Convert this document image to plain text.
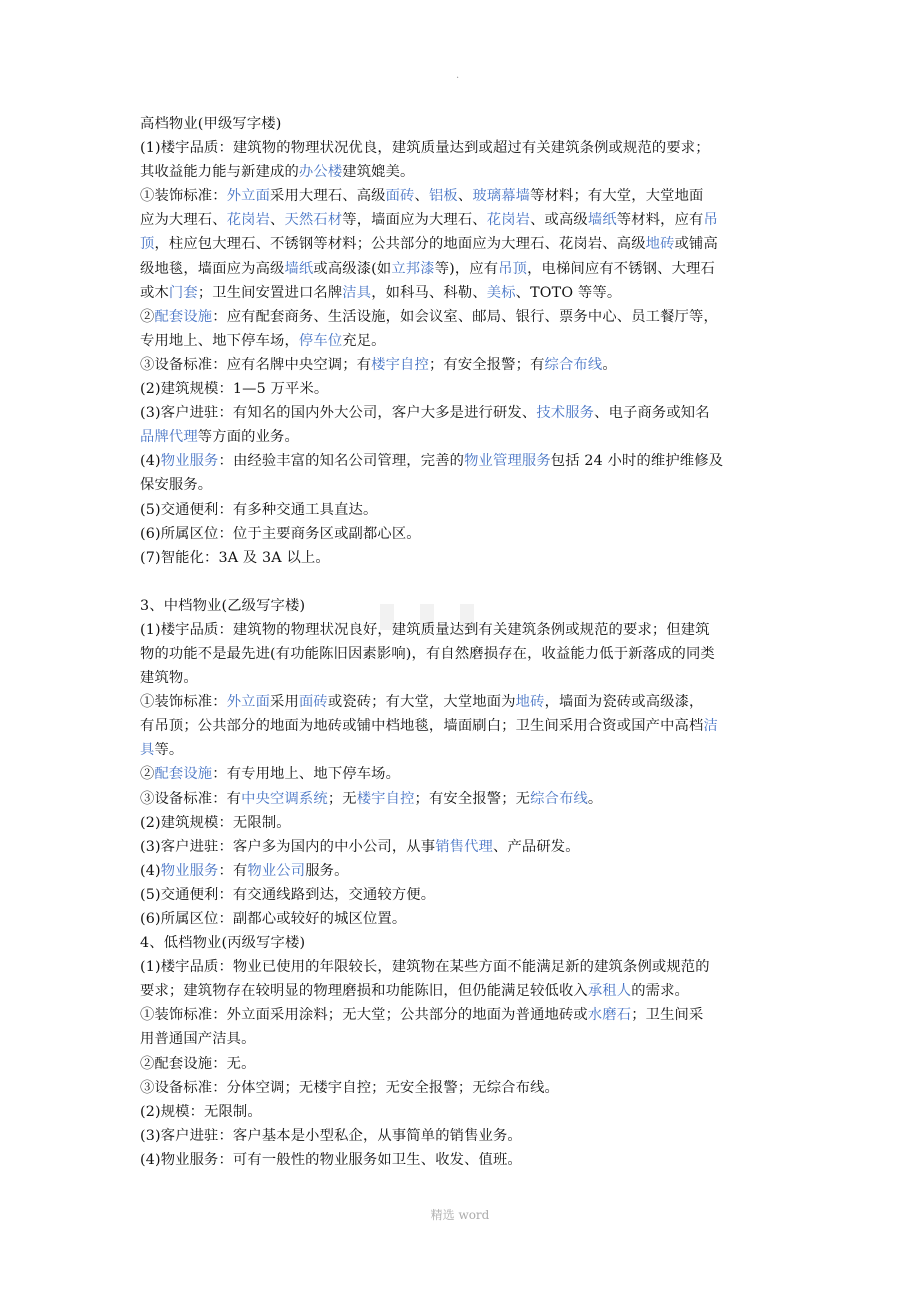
.
高档物业(甲级写字楼)
(1)楼宇品质：建筑物的物理状况优良，建筑质量达到或超过有关建筑条例或规范的要求；
其收益能力能与新建成的办公楼建筑媲美。
①装饰标准：外立面采用大理石、高级面砖、铝板、玻璃幕墙等材料；有大堂，大堂地面
应为大理石、花岗岩、天然石材等，墙面应为大理石、花岗岩、或高级墙纸等材料，应有吊
顶，柱应包大理石、不锈钢等材料；公共部分的地面应为大理石、花岗岩、高级地砖或铺高
级地毯，墙面应为高级墙纸或高级漆(如立邦漆等)，应有吊顶，电梯间应有不锈钢、大理石
或木门套；卫生间安置进口名牌洁具，如科马、科勒、美标、TOTO 等等。
②配套设施：应有配套商务、生活设施，如会议室、邮局、银行、票务中心、员工餐厅等，
专用地上、地下停车场，停车位充足。
③设备标准：应有名牌中央空调；有楼宇自控；有安全报警；有综合布线。
(2)建筑规模：1—5 万平米。
(3)客户进驻：有知名的国内外大公司，客户大多是进行研发、技术服务、电子商务或知名
品牌代理等方面的业务。
(4)物业服务：由经验丰富的知名公司管理，完善的物业管理服务包括 24 小时的维护维修及
保安服务。
(5)交通便利：有多种交通工具直达。
(6)所属区位：位于主要商务区或副都心区。
(7)智能化：3A 及 3A 以上。
3、中档物业(乙级写字楼)
(1)楼宇品质：建筑物的物理状况良好，建筑质量达到有关建筑条例或规范的要求；但建筑
物的功能不是最先进(有功能陈旧因素影响)，有自然磨损存在，收益能力低于新落成的同类
建筑物。
①装饰标准：外立面采用面砖或瓷砖；有大堂，大堂地面为地砖，墙面为瓷砖或高级漆，
有吊顶；公共部分的地面为地砖或铺中档地毯，墙面刷白；卫生间采用合资或国产中高档洁
具等。
②配套设施：有专用地上、地下停车场。
③设备标准：有中央空调系统；无楼宇自控；有安全报警；无综合布线。
(2)建筑规模：无限制。
(3)客户进驻：客户多为国内的中小公司，从事销售代理、产品研发。
(4)物业服务：有物业公司服务。
(5)交通便利：有交通线路到达，交通较方便。
(6)所属区位：副都心或较好的城区位置。
4、低档物业(丙级写字楼)
(1)楼宇品质：物业已使用的年限较长，建筑物在某些方面不能满足新的建筑条例或规范的
要求；建筑物存在较明显的物理磨损和功能陈旧，但仍能满足较低收入承租人的需求。
①装饰标准：外立面采用涂料；无大堂；公共部分的地面为普通地砖或水磨石；卫生间采
用普通国产洁具。
②配套设施：无。
③设备标准：分体空调；无楼宇自控；无安全报警；无综合布线。
(2)规模：无限制。
(3)客户进驻：客户基本是小型私企，从事简单的销售业务。
(4)物业服务：可有一般性的物业服务如卫生、收发、值班。
精选 word
